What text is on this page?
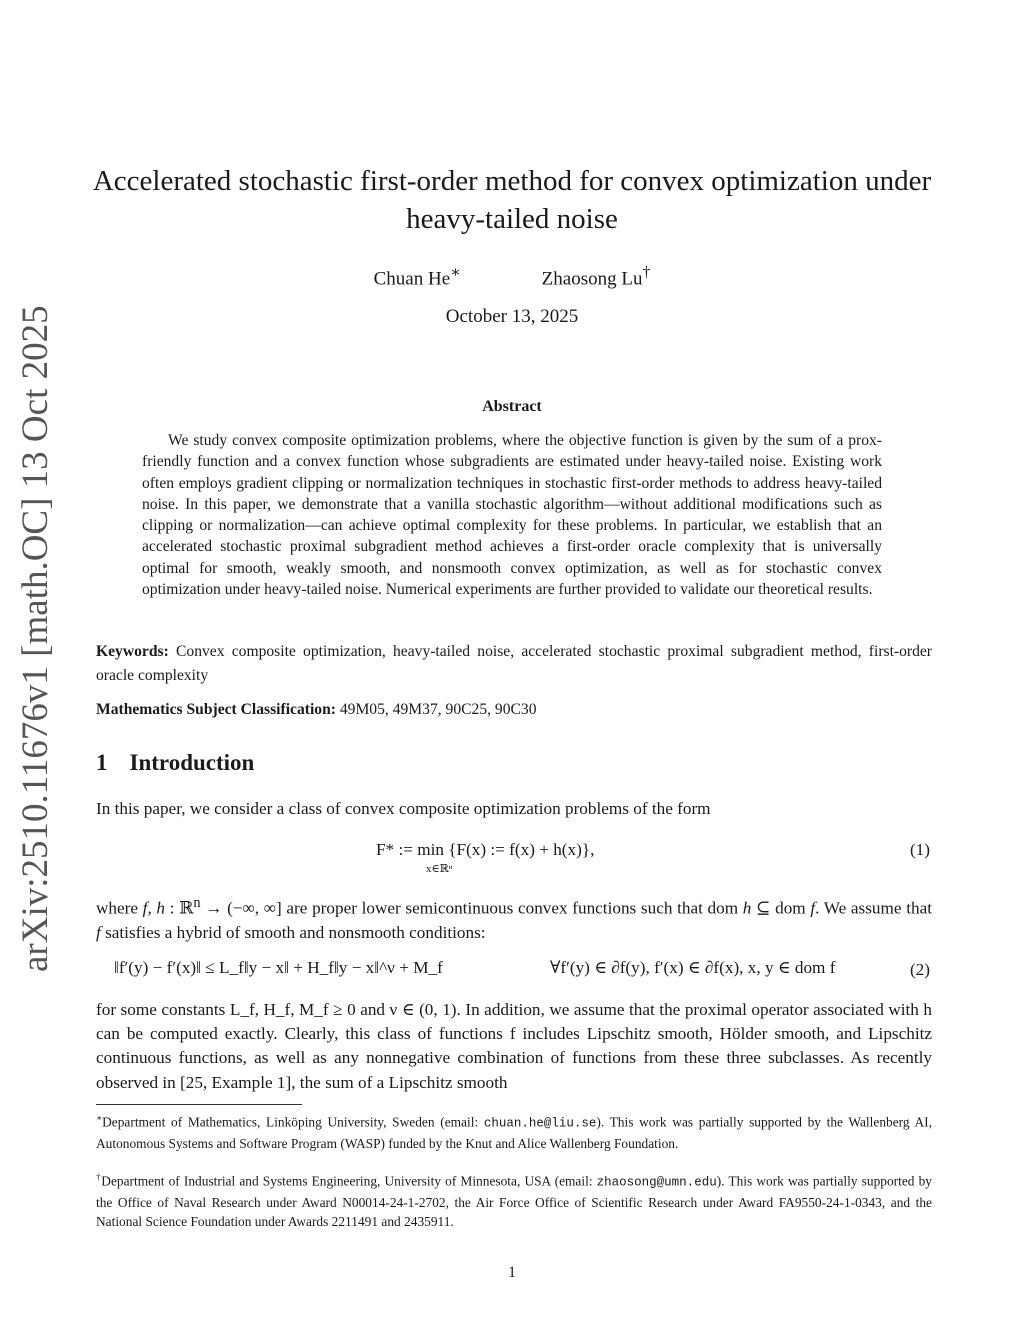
arXiv:2510.11676v1 [math.OC] 13 Oct 2025
Accelerated stochastic first-order method for convex optimization under heavy-tailed noise
Chuan He∗	Zhaosong Lu†
October 13, 2025
Abstract
We study convex composite optimization problems, where the objective function is given by the sum of a prox-friendly function and a convex function whose subgradients are estimated under heavy-tailed noise. Existing work often employs gradient clipping or normalization techniques in stochastic first-order methods to address heavy-tailed noise. In this paper, we demonstrate that a vanilla stochastic algorithm—without additional modifications such as clipping or normalization—can achieve optimal complexity for these problems. In particular, we establish that an accelerated stochastic proximal subgradient method achieves a first-order oracle complexity that is universally optimal for smooth, weakly smooth, and nonsmooth convex optimization, as well as for stochastic convex optimization under heavy-tailed noise. Numerical experiments are further provided to validate our theoretical results.
Keywords: Convex composite optimization, heavy-tailed noise, accelerated stochastic proximal subgradient method, first-order oracle complexity
Mathematics Subject Classification: 49M05, 49M37, 90C25, 90C30
1 Introduction
In this paper, we consider a class of convex composite optimization problems of the form
F* := min {F(x) := f(x) + h(x)},
x∈ℝⁿ
(1)
where f, h : ℝ$^n$ → (−∞, ∞] are proper lower semicontinuous convex functions such that dom h ⊆ dom f. We assume that f satisfies a hybrid of smooth and nonsmooth conditions:
‖f′(y) − f′(x)‖ ≤ L_f‖y − x‖ + H_f‖y − x‖^ν + M_f	∀f′(y) ∈ ∂f(y), f′(x) ∈ ∂f(x), x, y ∈ dom f	(2)
for some constants L_f, H_f, M_f ≥ 0 and ν ∈ (0, 1). In addition, we assume that the proximal operator associated with h can be computed exactly. Clearly, this class of functions f includes Lipschitz smooth, Hölder smooth, and Lipschitz continuous functions, as well as any nonnegative combination of functions from these three subclasses. As recently observed in [25, Example 1], the sum of a Lipschitz smooth
∗Department of Mathematics, Linköping University, Sweden (email: chuan.he@liu.se). This work was partially supported by the Wallenberg AI, Autonomous Systems and Software Program (WASP) funded by the Knut and Alice Wallenberg Foundation.
†Department of Industrial and Systems Engineering, University of Minnesota, USA (email: zhaosong@umn.edu). This work was partially supported by the Office of Naval Research under Award N00014-24-1-2702, the Air Force Office of Scientific Research under Award FA9550-24-1-0343, and the National Science Foundation under Awards 2211491 and 2435911.
1
